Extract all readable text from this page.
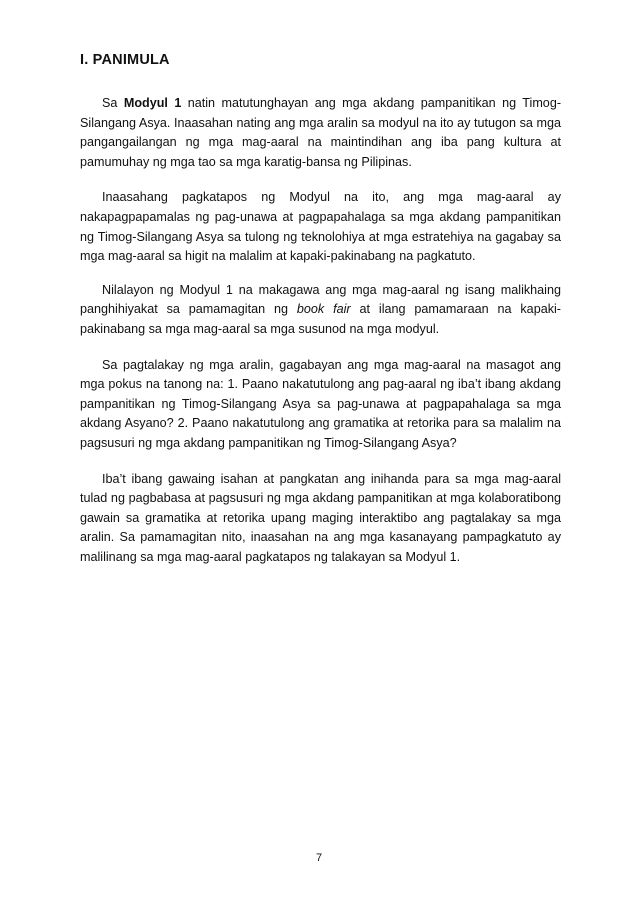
I. PANIMULA

Sa Modyul 1 natin matutunghayan ang mga akdang pampanitikan ng Timog-Silangang Asya. Inaasahan nating ang mga aralin sa modyul na ito ay tutugon sa mga pangangailangan ng mga mag-aaral na maintindihan ang iba pang kultura at pamumuhay ng mga tao sa mga karatig-bansa ng Pilipinas.

Inaasahang pagkatapos ng Modyul na ito, ang mga mag-aaral ay nakapagpapamalas ng pag-unawa at pagpapahalaga sa mga akdang pampanitikan ng Timog-Silangang Asya sa tulong ng teknolohiya at mga estratehiya na gagabay sa mga mag-aaral sa higit na malalim at kapaki-pakinabang na pagkatuto.

Nilalayon ng Modyul 1 na makagawa ang mga mag-aaral ng isang malikhaing panghihiyakat sa pamamagitan ng book fair at ilang pamamaraan na kapaki-pakinabang sa mga mag-aaral sa mga susunod na mga modyul.

Sa pagtalakay ng mga aralin, gagabayan ang mga mag-aaral na masagot ang mga pokus na tanong na: 1. Paano nakatutulong ang pag-aaral ng iba’t ibang akdang pampanitikan ng Timog-Silangang Asya sa pag-unawa at pagpapahalaga sa mga akdang Asyano? 2. Paano nakatutulong ang gramatika at retorika para sa malalim na pagsusuri ng mga akdang pampanitikan ng Timog-Silangang Asya?

Iba’t ibang gawaing isahan at pangkatan ang inihanda para sa mga mag-aaral tulad ng pagbabasa at pagsusuri ng mga akdang pampanitikan at mga kolaboratibong gawain sa gramatika at retorika upang maging interaktibo ang pagtalakay sa mga aralin. Sa pamamagitan nito, inaasahan na ang mga kasanayang pampagkatuto ay malilinang sa mga mag-aaral pagkatapos ng talakayan sa Modyul 1.

7
